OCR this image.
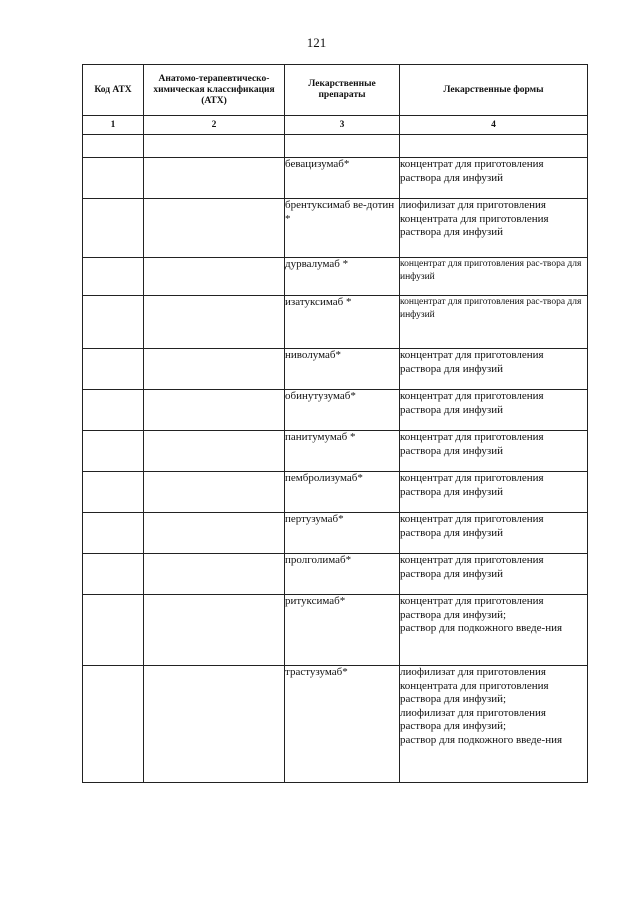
121
Код АТХ	Анатомо-терапевтическо-химическая классификация (АТХ)	Лекарственные препараты	Лекарственные формы
1	2	3	4

		бевацизумаб*	концентрат для приготовления раствора для инфузий

		брентуксимаб ве-дотин *	лиофилизат для приготовления концентрата для приготовления раствора для инфузий

		дурвалумаб *	концентрат для приготовления рас-твора для инфузий

		изатуксимаб *	концентрат для приготовления рас-твора для инфузий

		ниволумаб*	концентрат для приготовления раствора для инфузий

		обинутузумаб*	концентрат для приготовления раствора для инфузий

		панитумумаб *	концентрат для приготовления раствора для инфузий

		пембролизумаб*	концентрат для приготовления раствора для инфузий

		пертузумаб*	концентрат для приготовления раствора для инфузий

		пролголимаб*	концентрат для приготовления раствора для инфузий

		ритуксимаб*	концентрат для приготовления раствора для инфузий;
раствор для подкожного введе-ния

		трастузумаб*	лиофилизат для приготовления концентрата для приготовления раствора для инфузий;
лиофилизат для приготовления раствора для инфузий;
раствор для подкожного введе-ния
